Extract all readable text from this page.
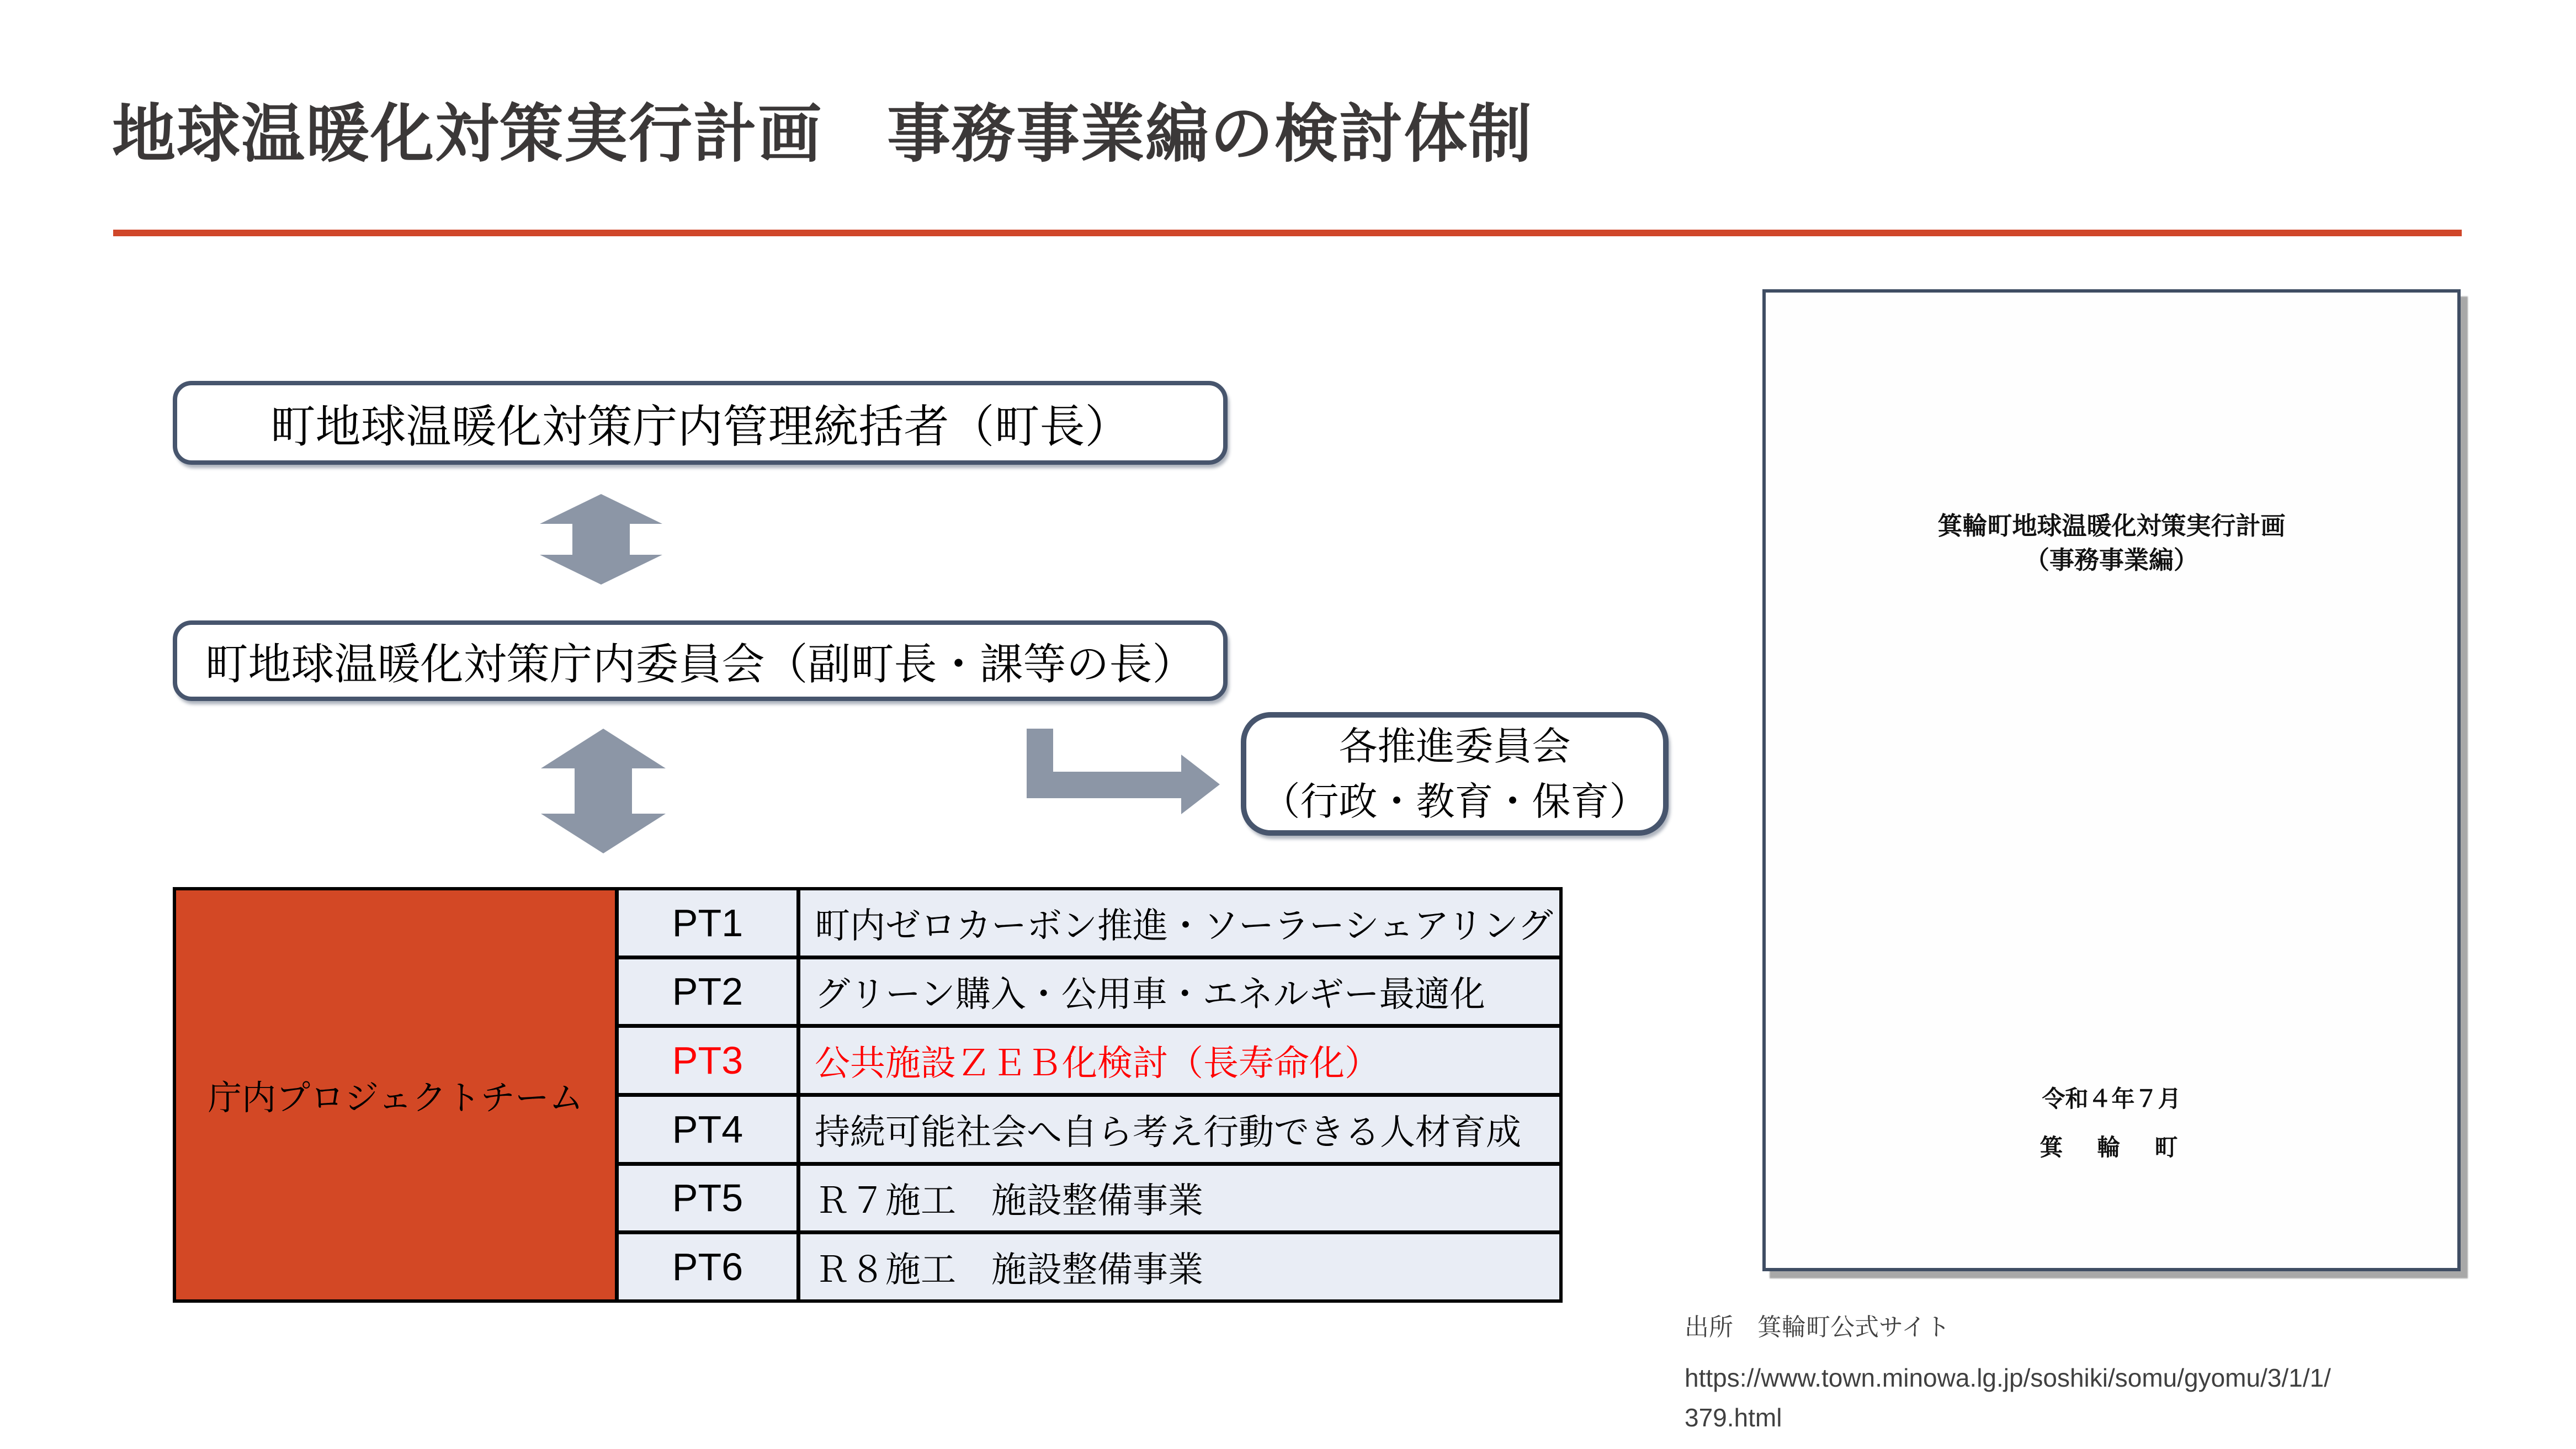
地球温暖化対策実行計画　事務事業編の検討体制
町地球温暖化対策庁内管理統括者（町長）
町地球温暖化対策庁内委員会（副町長・課等の長）
各推進委員会
（行政・教育・保育）
庁内プロジェクトチーム
PT1	町内ゼロカーボン推進・ソーラーシェアリング
PT2	グリーン購入・公用車・エネルギー最適化
PT3	公共施設ＺＥＢ化検討（長寿命化）
PT4	持続可能社会へ自ら考え行動できる人材育成
PT5	Ｒ７施工　施設整備事業
PT6	Ｒ８施工　施設整備事業
箕輪町地球温暖化対策実行計画
（事務事業編）
令和４年７月
箕　輪　町
出所　箕輪町公式サイト
https://www.town.minowa.lg.jp/soshiki/somu/gyomu/3/1/1/
379.html
